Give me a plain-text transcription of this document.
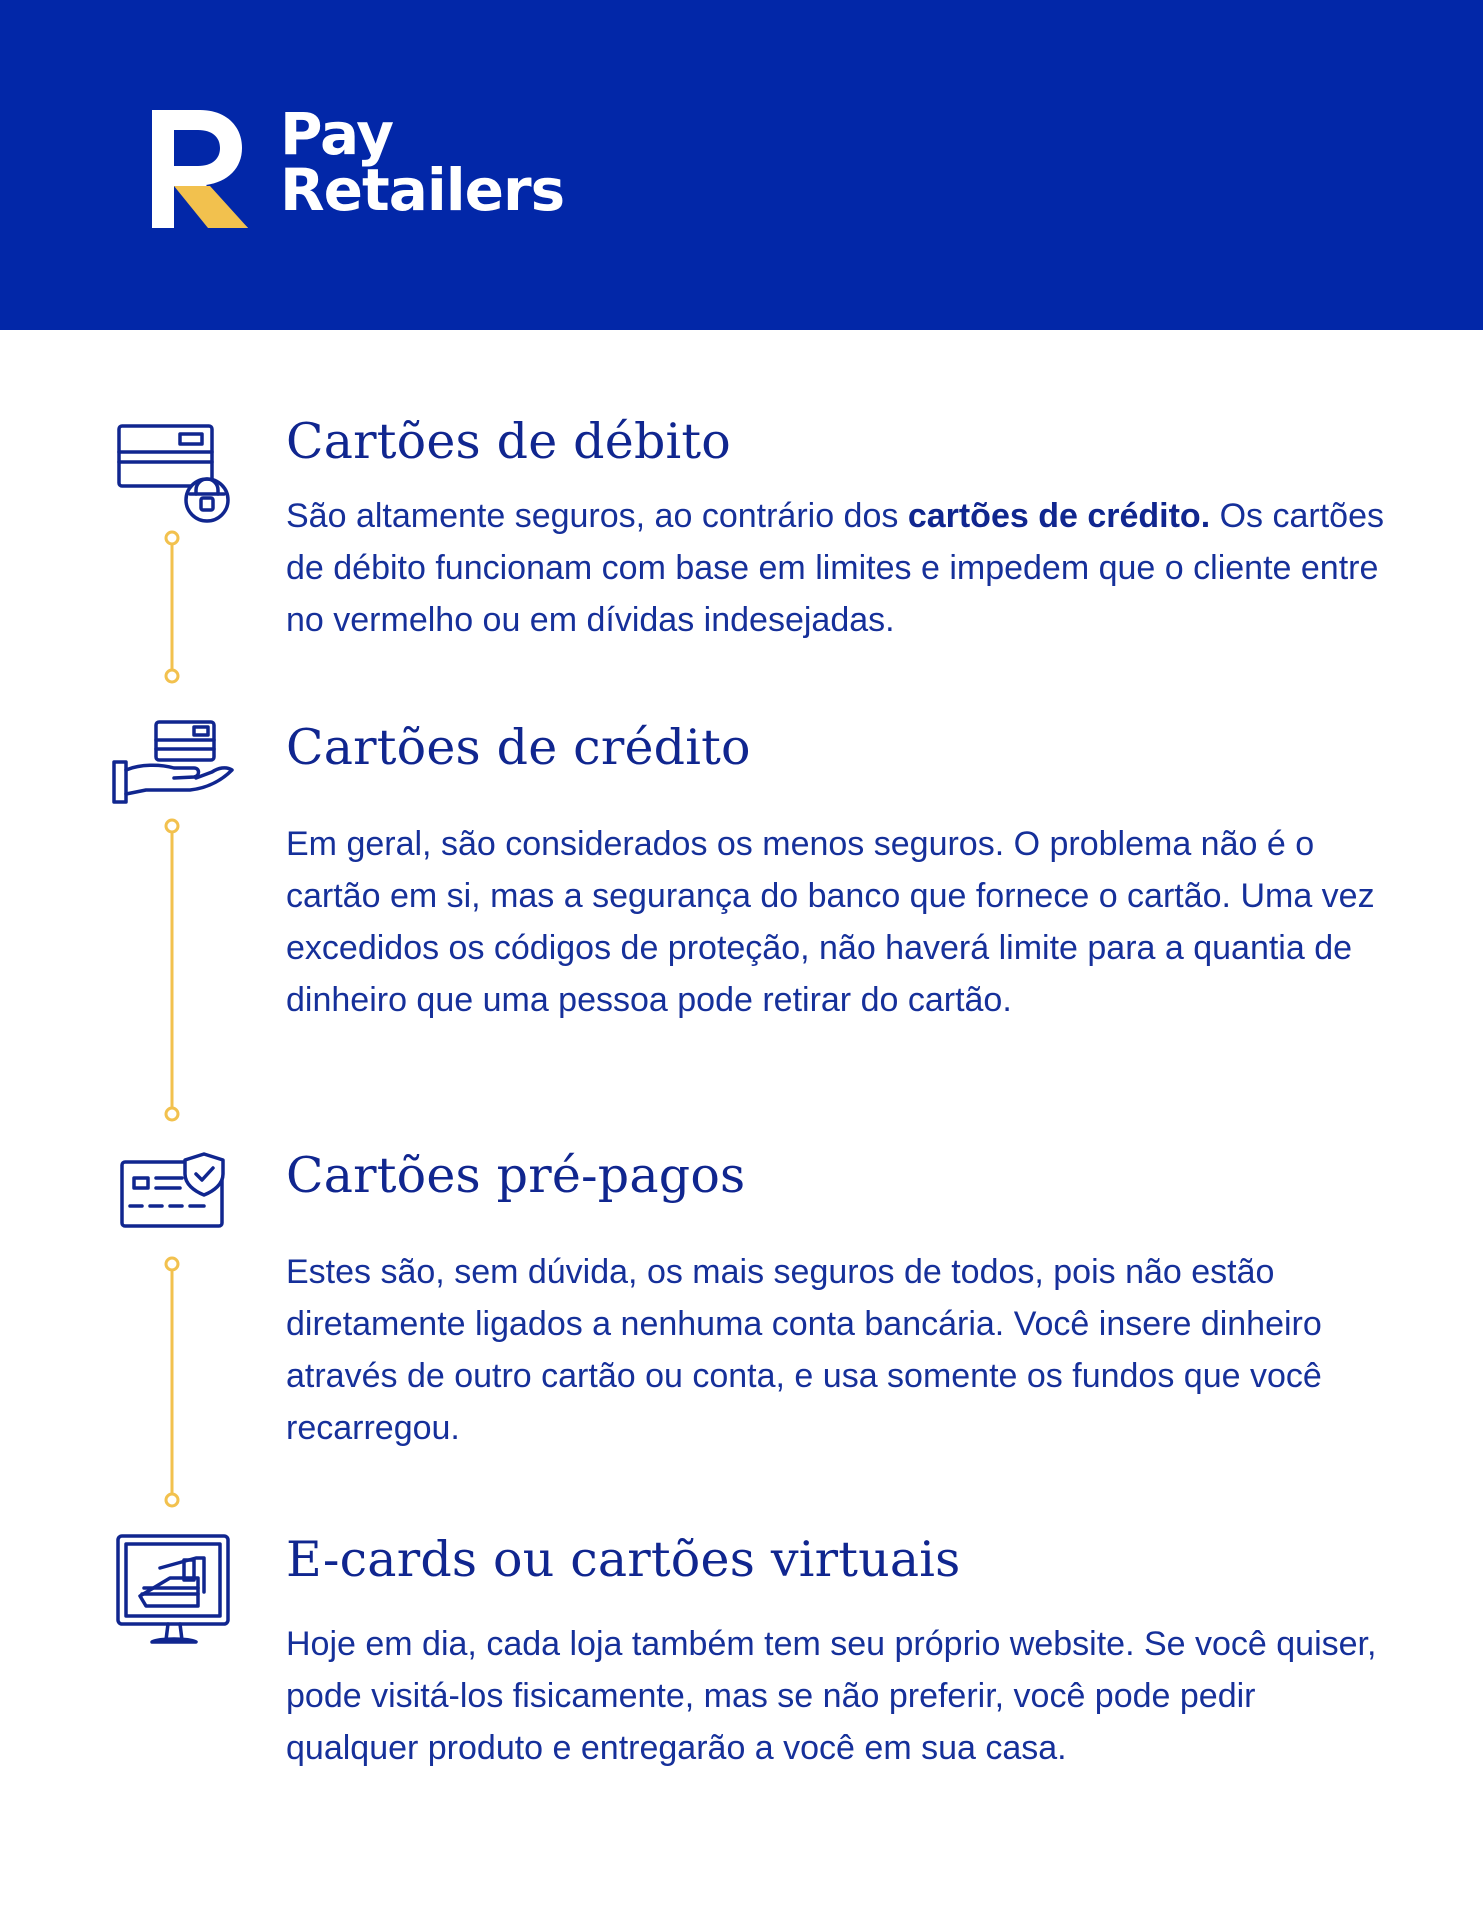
Pay
Retailers
Cartões de débito

São altamente seguros, ao contrário dos cartões de crédito. Os cartões de débito funcionam com base em limites e impedem que o cliente entre no vermelho ou em dívidas indesejadas.

Cartões de crédito

Em geral, são considerados os menos seguros. O problema não é o cartão em si, mas a segurança do banco que fornece o cartão. Uma vez excedidos os códigos de proteção, não haverá limite para a quantia de dinheiro que uma pessoa pode retirar do cartão.

Cartões pré-pagos

Estes são, sem dúvida, os mais seguros de todos, pois não estão diretamente ligados a nenhuma conta bancária. Você insere dinheiro através de outro cartão ou conta, e usa somente os fundos que você recarregou.

E-cards ou cartões virtuais

Hoje em dia, cada loja também tem seu próprio website. Se você quiser, pode visitá-los fisicamente, mas se não preferir, você pode pedir qualquer produto e entregarão a você em sua casa.
